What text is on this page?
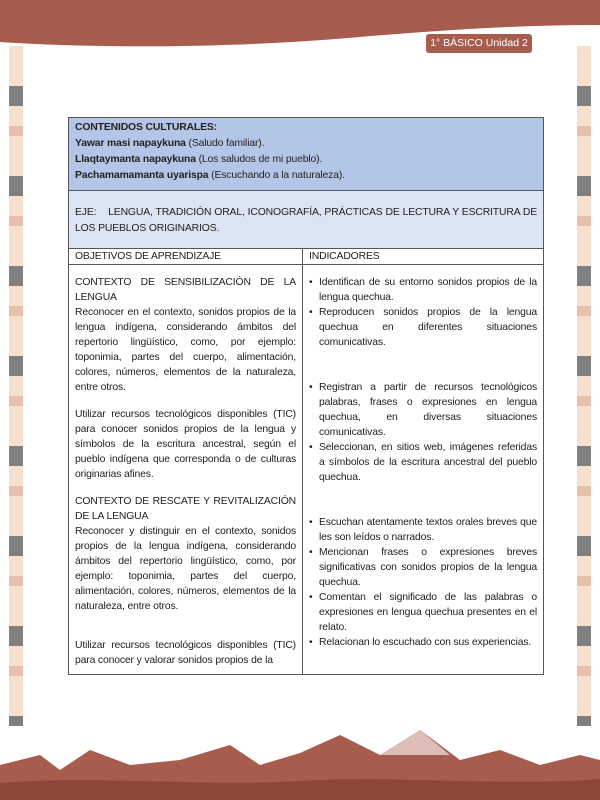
1° BÁSICO Unidad 2
CONTENIDOS CULTURALES:
Yawar masi napaykuna (Saludo familiar).
Llaqtaymanta napaykuna (Los saludos de mi pueblo).
Pachamamamanta uyarispa (Escuchando a la naturaleza).
EJE:    LENGUA, TRADICIÓN ORAL, ICONOGRAFÍA, PRÁCTICAS DE LECTURA Y ESCRITURA DE LOS PUEBLOS ORIGINARIOS.
OBJETIVOS DE APRENDIZAJE	INDICADORES
CONTEXTO DE SENSIBILIZACIÓN DE LA LENGUA
Reconocer en el contexto, sonidos propios de la lengua indígena, considerando ámbitos del repertorio lingüístico, como, por ejemplo: toponimia, partes del cuerpo, alimentación, colores, números, elementos de la naturaleza, entre otros.
Utilizar recursos tecnológicos disponibles (TIC) para conocer sonidos propios de la lengua y símbolos de la escritura ancestral, según el pueblo indígena que corresponda o de culturas originarias afines.
CONTEXTO DE RESCATE Y REVITALIZACIÓN DE LA LENGUA
Reconocer y distinguir en el contexto, sonidos propios de la lengua indígena, considerando ámbitos del repertorio lingüístico, como, por ejemplo: toponimia, partes del cuerpo, alimentación, colores, números, elementos de la naturaleza, entre otros.
Utilizar recursos tecnológicos disponibles (TIC) para conocer y valorar sonidos propios de la
• Identifican de su entorno sonidos propios de la lengua quechua.
• Reproducen sonidos propios de la lengua quechua en diferentes situaciones comunicativas.
• Registran a partir de recursos tecnológicos palabras, frases o expresiones en lengua quechua, en diversas situaciones comunicativas.
• Seleccionan, en sitios web, imágenes referidas a símbolos de la escritura ancestral del pueblo quechua.
• Escuchan atentamente textos orales breves que les son leídos o narrados.
• Mencionan frases o expresiones breves significativas con sonidos propios de la lengua quechua.
• Comentan el significado de las palabras o expresiones en lengua quechua presentes en el relato.
• Relacionan lo escuchado con sus experiencias.
